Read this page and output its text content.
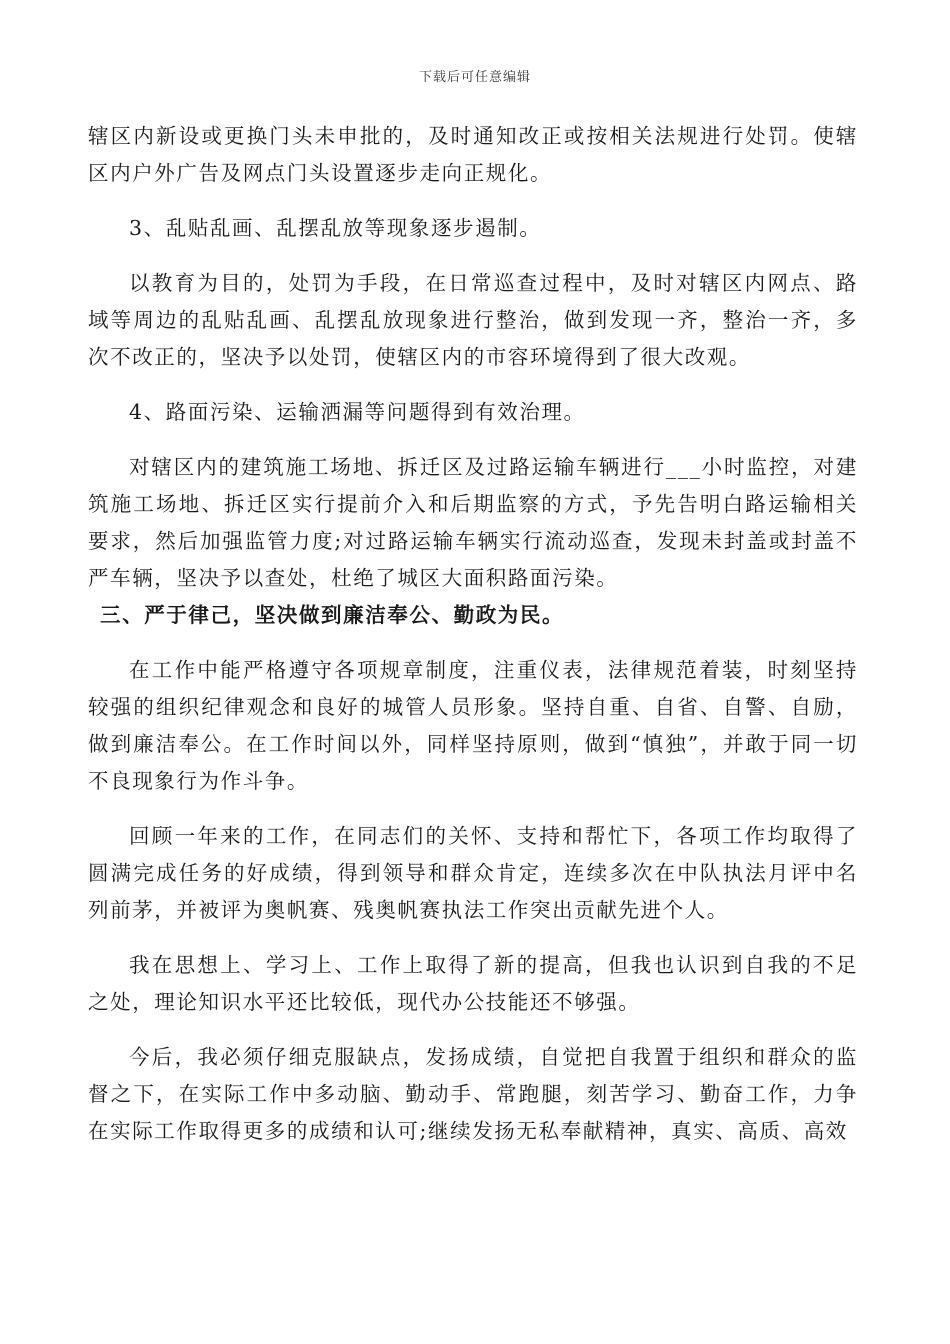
下载后可任意编辑

辖区内新设或更换门头未申批的，及时通知改正或按相关法规进行处罚。使辖区内户外广告及网点门头设置逐步走向正规化。

3、乱贴乱画、乱摆乱放等现象逐步遏制。

以教育为目的，处罚为手段，在日常巡查过程中，及时对辖区内网点、路域等周边的乱贴乱画、乱摆乱放现象进行整治，做到发现一齐，整治一齐，多次不改正的，坚决予以处罚，使辖区内的市容环境得到了很大改观。

4、路面污染、运输洒漏等问题得到有效治理。

对辖区内的建筑施工场地、拆迁区及过路运输车辆进行___小时监控，对建筑施工场地、拆迁区实行提前介入和后期监察的方式，予先告明白路运输相关要求，然后加强监管力度;对过路运输车辆实行流动巡查，发现未封盖或封盖不严车辆，坚决予以查处，杜绝了城区大面积路面污染。

三、严于律己，坚决做到廉洁奉公、勤政为民。

在工作中能严格遵守各项规章制度，注重仪表，法律规范着装，时刻坚持较强的组织纪律观念和良好的城管人员形象。坚持自重、自省、自警、自励，做到廉洁奉公。在工作时间以外，同样坚持原则，做到“慎独”，并敢于同一切不良现象行为作斗争。

回顾一年来的工作，在同志们的关怀、支持和帮忙下，各项工作均取得了圆满完成任务的好成绩，得到领导和群众肯定，连续多次在中队执法月评中名列前茅，并被评为奥帆赛、残奥帆赛执法工作突出贡献先进个人。

我在思想上、学习上、工作上取得了新的提高，但我也认识到自我的不足之处，理论知识水平还比较低，现代办公技能还不够强。

今后，我必须仔细克服缺点，发扬成绩，自觉把自我置于组织和群众的监督之下，在实际工作中多动脑、勤动手、常跑腿，刻苦学习、勤奋工作，力争在实际工作取得更多的成绩和认可;继续发扬无私奉献精神，真实、高质、高效
